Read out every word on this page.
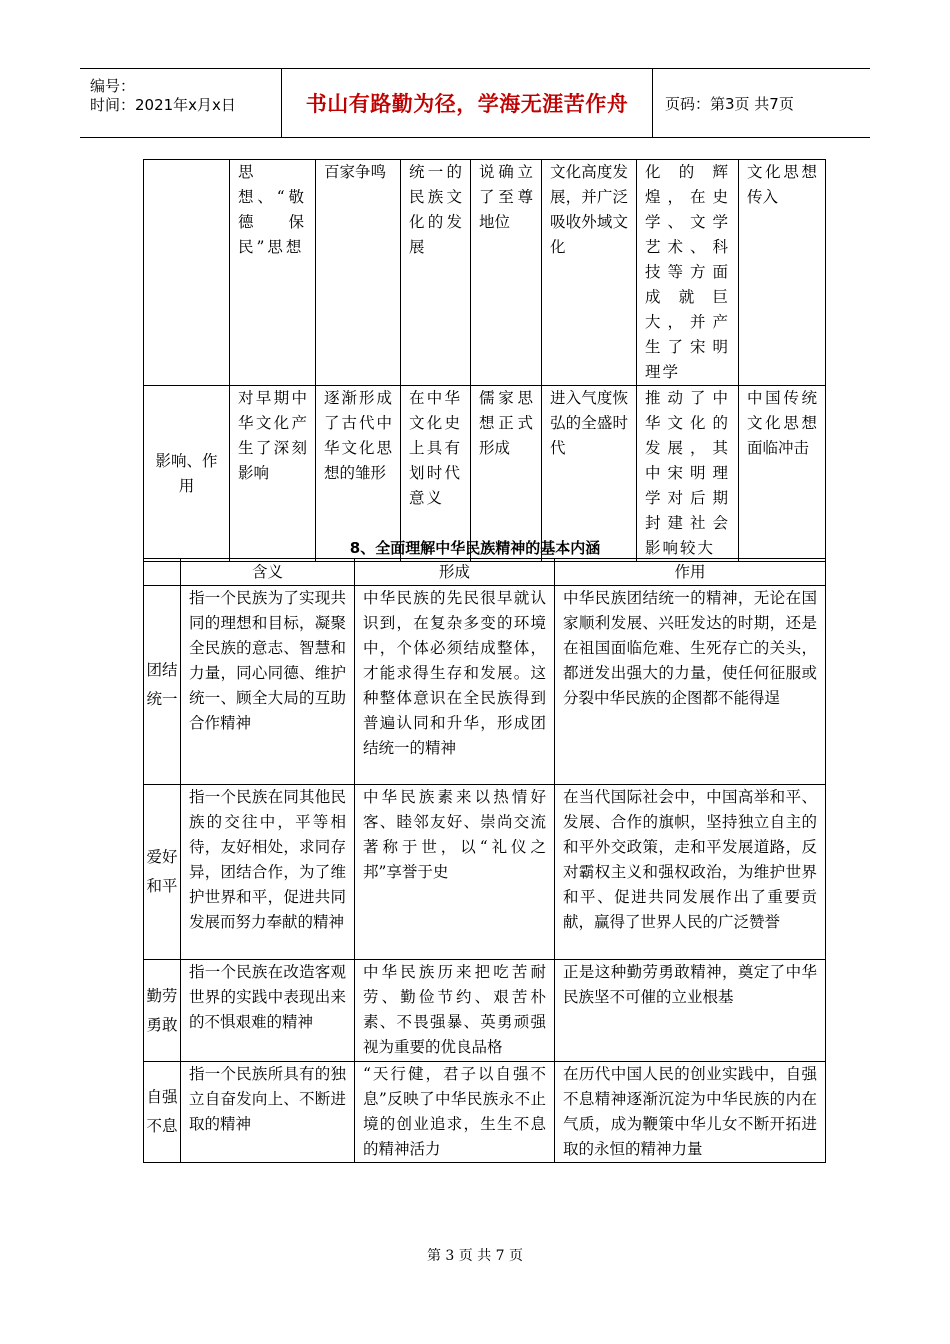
编号：
时间：2021年x月x日	书山有路勤为径，学海无涯苦作舟 页码：第3页 共7页
	思想、“敬德保民”思想	百家争鸣	统一的民族文化的发展	说确立了至尊地位	文化高度发展，并广泛吸收外域文化	化的辉煌，在史学、文学艺术、科技等方面成就巨大，并产生了宋明理学	文化思想传入
影响、作用	对早期中华文化产生了深刻影响	逐渐形成了古代中华文化思想的雏形	在中华文化史上具有划时代意义	儒家思想正式形成	进入气度恢弘的全盛时代	推动了中华文化的发展，其中宋明理学对后期封建社会影响较大	中国传统文化思想面临冲击
8、全面理解中华民族精神的基本内涵
	含义	形成	作用
团结统一	指一个民族为了实现共同的理想和目标，凝聚全民族的意志、智慧和力量，同心同德、维护统一、顾全大局的互助合作精神	中华民族的先民很早就认识到，在复杂多变的环境中，个体必须结成整体，才能求得生存和发展。这种整体意识在全民族得到普遍认同和升华，形成团结统一的精神	中华民族团结统一的精神，无论在国家顺利发展、兴旺发达的时期，还是在祖国面临危难、生死存亡的关头，都迸发出强大的力量，使任何征服或分裂中华民族的企图都不能得逞
爱好和平	指一个民族在同其他民族的交往中，平等相待，友好相处，求同存异，团结合作，为了维护世界和平，促进共同发展而努力奉献的精神	中华民族素来以热情好客、睦邻友好、崇尚交流著称于世，以“礼仪之邦”享誉于史	在当代国际社会中，中国高举和平、发展、合作的旗帜，坚持独立自主的和平外交政策，走和平发展道路，反对霸权主义和强权政治，为维护世界和平、促进共同发展作出了重要贡献，赢得了世界人民的广泛赞誉
勤劳勇敢	指一个民族在改造客观世界的实践中表现出来的不惧艰难的精神	中华民族历来把吃苦耐劳、勤俭节约、艰苦朴素、不畏强暴、英勇顽强视为重要的优良品格	正是这种勤劳勇敢精神，奠定了中华民族坚不可催的立业根基
自强不息	指一个民族所具有的独立自奋发向上、不断进取的精神	“天行健，君子以自强不息”反映了中华民族永不止境的创业追求，生生不息的精神活力	在历代中国人民的创业实践中，自强不息精神逐渐沉淀为中华民族的内在气质，成为鞭策中华儿女不断开拓进取的永恒的精神力量
第 3 页 共 7 页
